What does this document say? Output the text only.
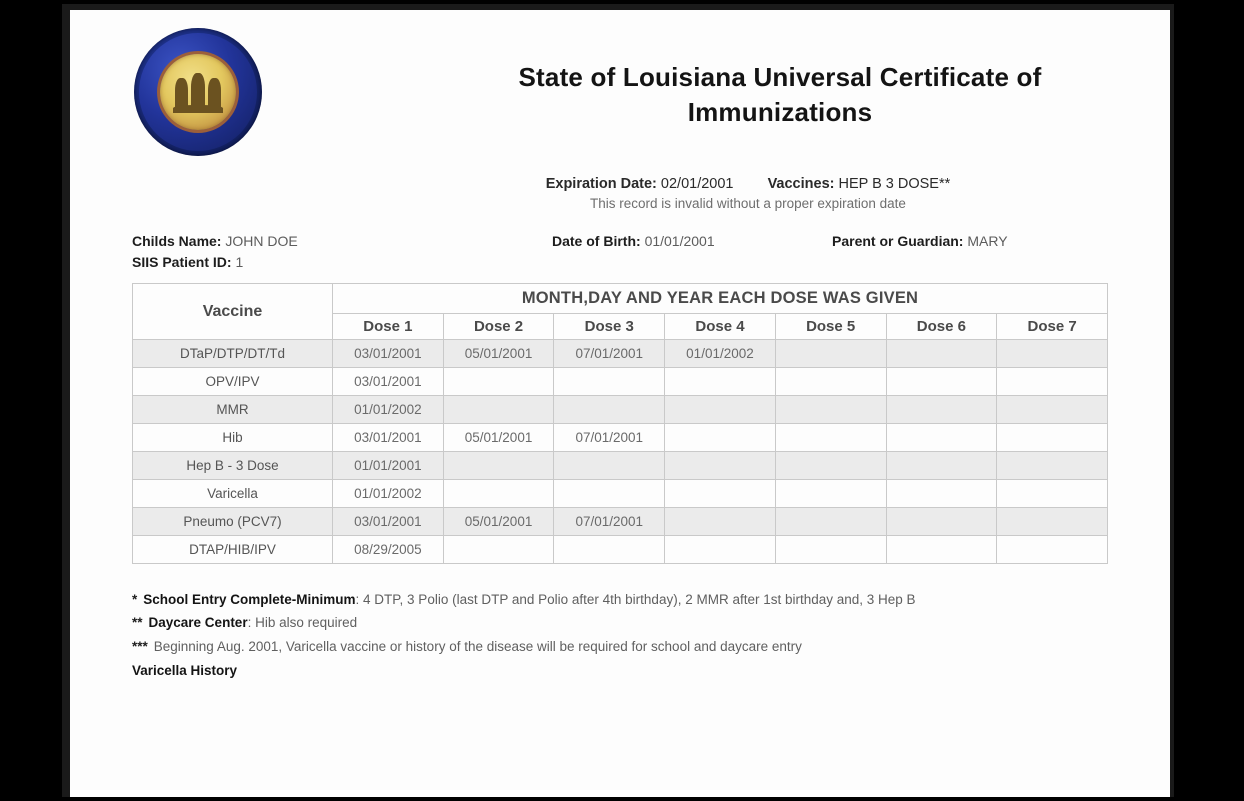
State of Louisiana Universal Certificate of
Immunizations
Expiration Date: 02/01/2001 Vaccines: HEP B 3 DOSE**
This record is invalid without a proper expiration date
Childs Name: JOHN DOE	Date of Birth: 01/01/2001	Parent or Guardian: MARY
SIIS Patient ID: 1
Vaccine	MONTH,DAY AND YEAR EACH DOSE WAS GIVEN						
	Dose 1	Dose 2	Dose 3	Dose 4	Dose 5	Dose 6	Dose 7
DTaP/DTP/DT/Td	03/01/2001	05/01/2001	07/01/2001	01/01/2002			
OPV/IPV	03/01/2001						
MMR	01/01/2002						
Hib	03/01/2001	05/01/2001	07/01/2001				
Hep B - 3 Dose	01/01/2001						
Varicella	01/01/2002						
Pneumo (PCV7)	03/01/2001	05/01/2001	07/01/2001				
DTAP/HIB/IPV	08/29/2005						

* School Entry Complete-Minimum: 4 DTP, 3 Polio (last DTP and Polio after 4th birthday), 2 MMR after 1st birthday and, 3 Hep B

** Daycare Center: Hib also required

*** Beginning Aug. 2001, Varicella vaccine or history of the disease will be required for school and daycare entry

Varicella History
